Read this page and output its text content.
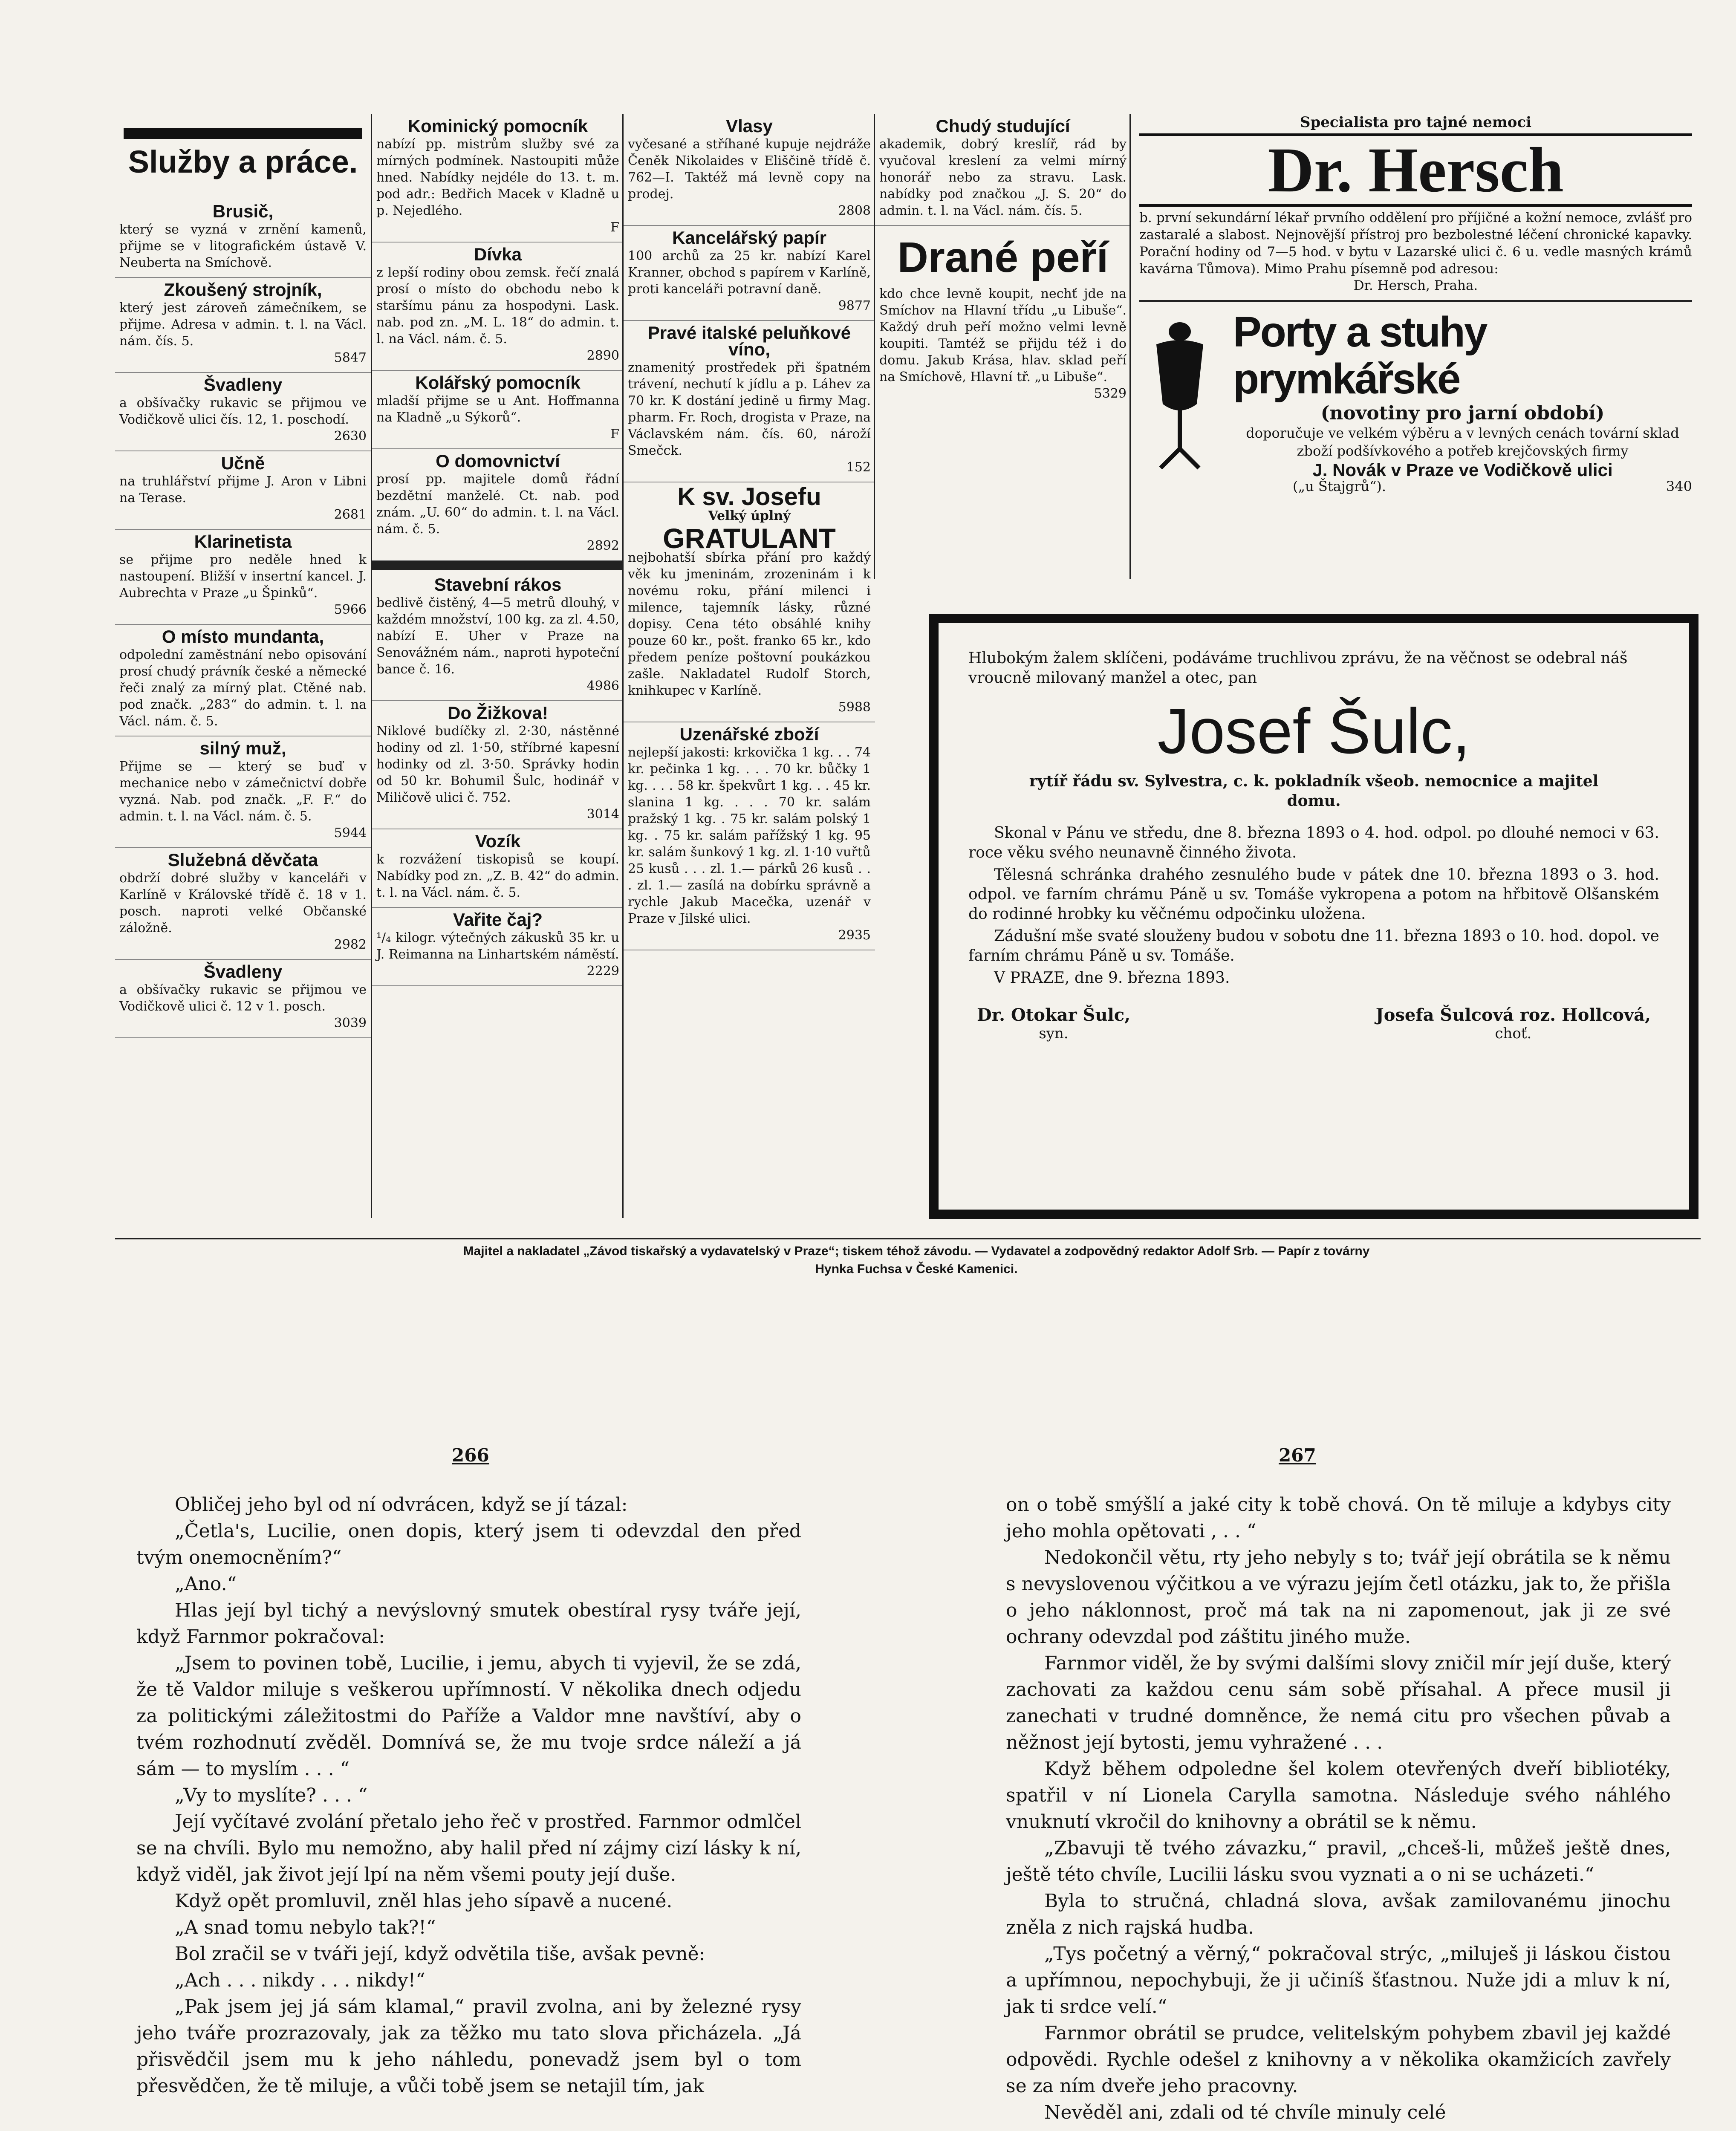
Služby a práce.
Brusič,

který se vyzná v zrnění kamenů, přijme se v litografickém ústavě V. Neuberta na Smíchově.

Zkoušený strojník,

který jest zároveň zámečníkem, se přijme. Adresa v admin. t. l. na Václ. nám. čís. 5.

5847

Švadleny

a obšívačky rukavic se přijmou ve Vodičkově ulici čís. 12, 1. poschodí.

2630

Učně

na truhlářství přijme J. Aron v Libni na Terase.

2681

Klarinetista

se přijme pro neděle hned k nastoupení. Bližší v insertní kancel. J. Aubrechta v Praze „u Špinků“.

5966

O místo mundanta,

odpolední zaměstnání nebo opisování prosí chudý právník české a německé řeči znalý za mírný plat. Ctěné nab. pod značk. „283“ do admin. t. l. na Václ. nám. č. 5.

silný muž,

Přijme se — který se buď v mechanice nebo v zámečnictví dobře vyzná. Nab. pod značk. „F. F.“ do admin. t. l. na Václ. nám. č. 5.

5944

Služebná děvčata

obdrží dobré služby v kanceláři v Karlíně v Královské třídě č. 18 v 1. posch. naproti velké Občanské záložně.

2982

Švadleny

a obšívačky rukavic se přijmou ve Vodičkově ulici č. 12 v 1. posch.

3039

Kominický pomocník

nabízí pp. mistrům služby své za mírných podmínek. Nastoupiti může hned. Nabídky nejdéle do 13. t. m. pod adr.: Bedřich Macek v Kladně u p. Nejedlého.

F

Dívka

z lepší rodiny obou zemsk. řečí znalá prosí o místo do obchodu nebo k staršímu pánu za hospodyni. Lask. nab. pod zn. „M. L. 18“ do admin. t. l. na Václ. nám. č. 5.

2890

Kolářský pomocník

mladší přijme se u Ant. Hoffmanna na Kladně „u Sýkorů“.

F

O domovnictví

prosí pp. majitele domů řádní bezdětní manželé. Ct. nab. pod znám. „U. 60“ do admin. t. l. na Václ. nám. č. 5.

2892

Stavební rákos

bedlivě čistěný, 4—5 metrů dlouhý, v každém množství, 100 kg. za zl. 4.50, nabízí E. Uher v Praze na Senovážném nám., naproti hypoteční bance č. 16.

4986

Do Žižkova!

Niklové budíčky zl. 2·30, nástěnné hodiny od zl. 1·50, stříbrné kapesní hodinky od zl. 3·50. Správky hodin od 50 kr. Bohumil Šulc, hodinář v Miličově ulici č. 752.

3014

Vozík

k rozvážení tiskopisů se koupí. Nabídky pod zn. „Z. B. 42“ do admin. t. l. na Václ. nám. č. 5.

Vařite čaj?

¹/₄ kilogr. výtečných zákusků 35 kr. u J. Reimanna na Linhartském náměstí.

2229

Vlasy

vyčesané a stříhané kupuje nejdráže Čeněk Nikolaides v Eliščině třídě č. 762—I. Taktéž má levně copy na prodej.

2808

Kancelářský papír

100 archů za 25 kr. nabízí Karel Kranner, obchod s papírem v Karlíně, proti kanceláři potravní daně.

9877

Pravé italské peluňkové víno,

znamenitý prostředek při špatném trávení, nechutí k jídlu a p. Láhev za 70 kr. K dostání jedině u firmy Mag. pharm. Fr. Roch, drogista v Praze, na Václavském nám. čís. 60, nároží Smečck.

152

K sv. Josefu

Velký úplný

GRATULANT

nejbohatší sbírka přání pro každý věk ku jmeninám, zrozeninám i k novému roku, přání milenci i milence, tajemník lásky, různé dopisy. Cena této obsáhlé knihy pouze 60 kr., pošt. franko 65 kr., kdo předem peníze poštovní poukázkou zašle. Nakladatel Rudolf Storch, knihkupec v Karlíně.

5988

Uzenářské zboží

nejlepší jakosti: krkovička 1 kg. . . 74 kr. pečinka 1 kg. . . . 70 kr. bůčky 1 kg. . . . 58 kr. špekvůrt 1 kg. . . 45 kr. slanina 1 kg. . . . 70 kr. salám pražský 1 kg. . 75 kr. salám polský 1 kg. . 75 kr. salám pařížský 1 kg. 95 kr. salám šunkový 1 kg. zl. 1·10 vuřtů 25 kusů . . . zl. 1.— párků 26 kusů . . . zl. 1.— zasílá na dobírku správně a rychle Jakub Macečka, uzenář v Praze v Jilské ulici.

2935

Chudý studující

akademik, dobrý kreslíř, rád by vyučoval kreslení za velmi mírný honorář nebo za stravu. Lask. nabídky pod značkou „J. S. 20“ do admin. t. l. na Václ. nám. čís. 5.

Drané peří

kdo chce levně koupit, nechť jde na Smíchov na Hlavní třídu „u Libuše“. Každý druh peří možno velmi levně koupiti. Tamtéž se přijdu též i do domu. Jakub Krása, hlav. sklad peří na Smíchově, Hlavní tř. „u Libuše“.

5329

Specialista pro tajné nemoci
Dr. Hersch

b. první sekundární lékař prvního oddělení pro příjičné a kožní nemoce, zvlášť pro zastaralé a slabost. Nejnovější přístroj pro bezbolestné léčení chronické kapavky. Porační hodiny od 7—5 hod. v bytu v Lazarské ulici č. 6 u. vedle masných krámů kavárna Tůmova). Mimo Prahu písemně pod adresou:

Dr. Hersch, Praha.

Porty a stuhy prymkářské
(novotiny pro jarní období)

doporučuje ve velkém výběru a v levných cenách tovární sklad zboží podšívkového a potřeb krejčovských firmy

J. Novák v Praze ve Vodičkově ulici
(„u Štajgrů“).	340

Hlubokým žalem sklíčeni, podáváme truchlivou zprávu, že na věčnost se odebral náš vroucně milovaný manžel a otec, pan

Josef Šulc,

rytíř řádu sv. Sylvestra, c. k. pokladník všeob. nemocnice a majitel domu.

Skonal v Pánu ve středu, dne 8. března 1893 o 4. hod. odpol. po dlouhé nemoci v 63. roce věku svého neunavně činného života.

Tělesná schránka drahého zesnulého bude v pátek dne 10. března 1893 o 3. hod. odpol. ve farním chrámu Páně u sv. Tomáše vykropena a potom na hřbitově Olšanském do rodinné hrobky ku věčnému odpočinku uložena.

Zádušní mše svaté slouženy budou v sobotu dne 11. března 1893 o 10. hod. dopol. ve farním chrámu Páně u sv. Tomáše.

V PRAZE, dne 9. března 1893.

Dr. Otokar Šulc,
syn.
Josefa Šulcová roz. Hollcová,
choť.
Majitel a nakladatel „Závod tiskařský a vydavatelský v Praze“; tiskem téhož závodu. — Vydavatel a zodpovědný redaktor Adolf Srb. — Papír z továrny
Hynka Fuchsa v České Kamenici.
266	267

Obličej jeho byl od ní odvrácen, když se jí tázal:

„Četla's, Lucilie, onen dopis, který jsem ti odevzdal den před tvým onemocněním?“

„Ano.“

Hlas její byl tichý a nevýslovný smutek obestíral rysy tváře její, když Farnmor pokračoval:

„Jsem to povinen tobě, Lucilie, i jemu, abych ti vyjevil, že se zdá, že tě Valdor miluje s veškerou upřímností. V několika dnech odjedu za politickými záležitostmi do Paříže a Valdor mne navštíví, aby o tvém rozhodnutí zvěděl. Domnívá se, že mu tvoje srdce náleží a já sám — to myslím . . . “

„Vy to myslíte? . . . “

Její vyčítavé zvolání přetalo jeho řeč v prostřed. Farnmor odmlčel se na chvíli. Bylo mu nemožno, aby halil před ní zájmy cizí lásky k ní, když viděl, jak život její lpí na něm všemi pouty její duše.

Když opět promluvil, zněl hlas jeho sípavě a nucené.

„A snad tomu nebylo tak?!“

Bol zračil se v tváři její, když odvětila tiše, avšak pevně:

„Ach . . . nikdy . . . nikdy!“

„Pak jsem jej já sám klamal,“ pravil zvolna, ani by železné rysy jeho tváře prozrazovaly, jak za těžko mu tato slova přicházela. „Já přisvědčil jsem mu k jeho náhledu, ponevadž jsem byl o tom přesvědčen, že tě miluje, a vůči tobě jsem se netajil tím, jak

on o tobě smýšlí a jaké city k tobě chová. On tě miluje a kdybys city jeho mohla opětovati , . . “

Nedokončil větu, rty jeho nebyly s to; tvář její obrátila se k němu s nevyslovenou výčitkou a ve výrazu jejím četl otázku, jak to, že přišla o jeho náklonnost, proč má tak na ni zapomenout, jak ji ze své ochrany odevzdal pod záštitu jiného muže.

Farnmor viděl, že by svými dalšími slovy zničil mír její duše, který zachovati za každou cenu sám sobě přísahal. A přece musil ji zanechati v trudné domněnce, že nemá citu pro všechen půvab a něžnost její bytosti, jemu vyhražené . . .

Když během odpoledne šel kolem otevřených dveří bibliotéky, spatřil v ní Lionela Carylla samotna. Následuje svého náhlého vnuknutí vkročil do knihovny a obrátil se k němu.

„Zbavuji tě tvého závazku,“ pravil, „chceš-li, můžeš ještě dnes, ještě této chvíle, Lucilii lásku svou vyznati a o ni se ucházeti.“

Byla to stručná, chladná slova, avšak zamilovanému jinochu zněla z nich rajská hudba.

„Tys početný a věrný,“ pokračoval strýc, „miluješ ji láskou čistou a upřímnou, nepochybuji, že ji učiníš šťastnou. Nuže jdi a mluv k ní, jak ti srdce velí.“

Farnmor obrátil se prudce, velitelským pohybem zbavil jej každé odpovědi. Rychle odešel z knihovny a v několika okamžicích zavřely se za ním dveře jeho pracovny.

Nevěděl ani, zdali od té chvíle minuly celé
